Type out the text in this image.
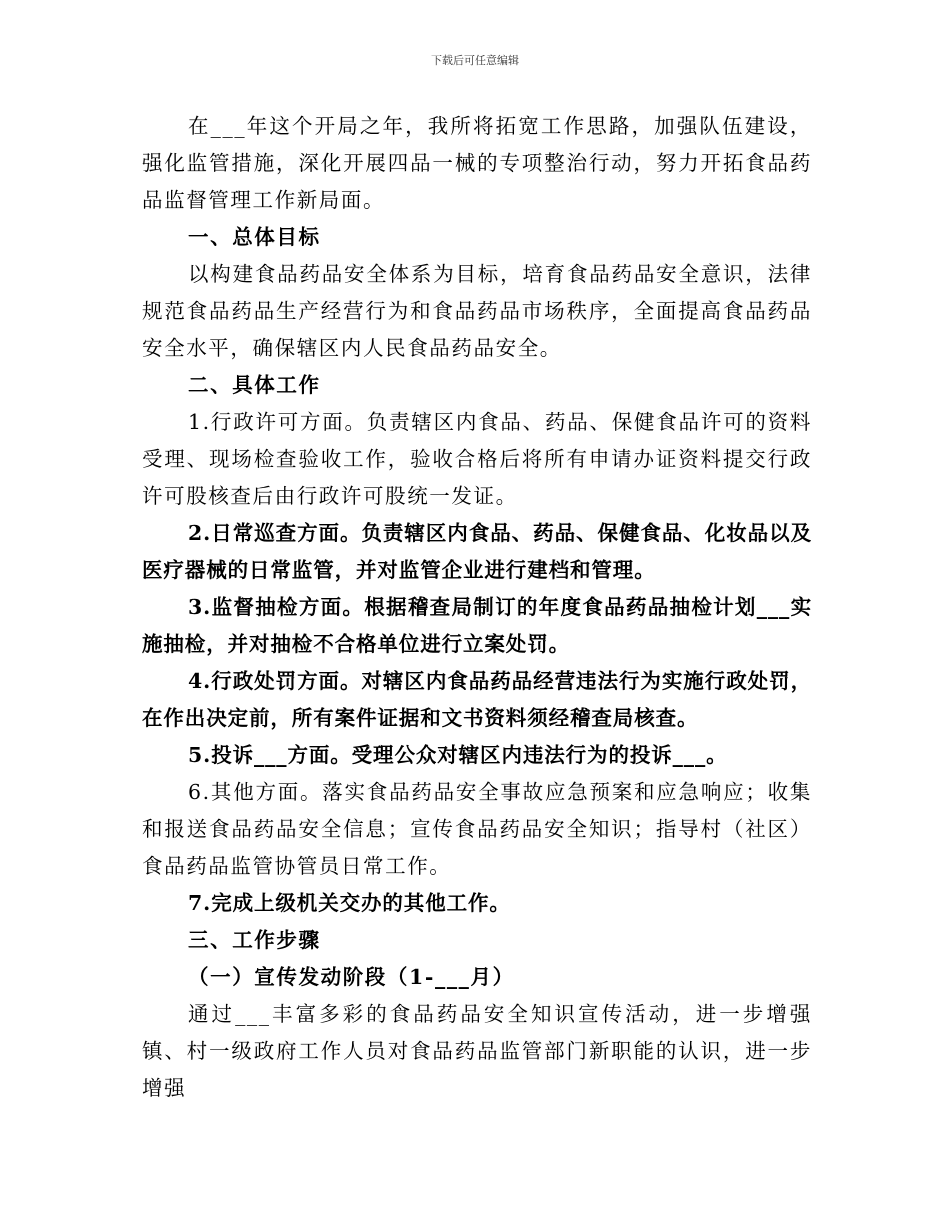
下载后可任意编辑

在___年这个开局之年，我所将拓宽工作思路，加强队伍建设，强化监管措施，深化开展四品一械的专项整治行动，努力开拓食品药品监督管理工作新局面。

一、总体目标

以构建食品药品安全体系为目标，培育食品药品安全意识，法律规范食品药品生产经营行为和食品药品市场秩序，全面提高食品药品安全水平，确保辖区内人民食品药品安全。

二、具体工作

1.行政许可方面。负责辖区内食品、药品、保健食品许可的资料受理、现场检查验收工作，验收合格后将所有申请办证资料提交行政许可股核查后由行政许可股统一发证。

2.日常巡查方面。负责辖区内食品、药品、保健食品、化妆品以及医疗器械的日常监管，并对监管企业进行建档和管理。

3.监督抽检方面。根据稽查局制订的年度食品药品抽检计划___实施抽检，并对抽检不合格单位进行立案处罚。

4.行政处罚方面。对辖区内食品药品经营违法行为实施行政处罚，在作出决定前，所有案件证据和文书资料须经稽查局核查。

5.投诉___方面。受理公众对辖区内违法行为的投诉___。

6.其他方面。落实食品药品安全事故应急预案和应急响应；收集和报送食品药品安全信息；宣传食品药品安全知识；指导村（社区）食品药品监管协管员日常工作。

7.完成上级机关交办的其他工作。

三、工作步骤

（一）宣传发动阶段（1-___月）

通过___丰富多彩的食品药品安全知识宣传活动，进一步增强镇、村一级政府工作人员对食品药品监管部门新职能的认识，进一步增强
